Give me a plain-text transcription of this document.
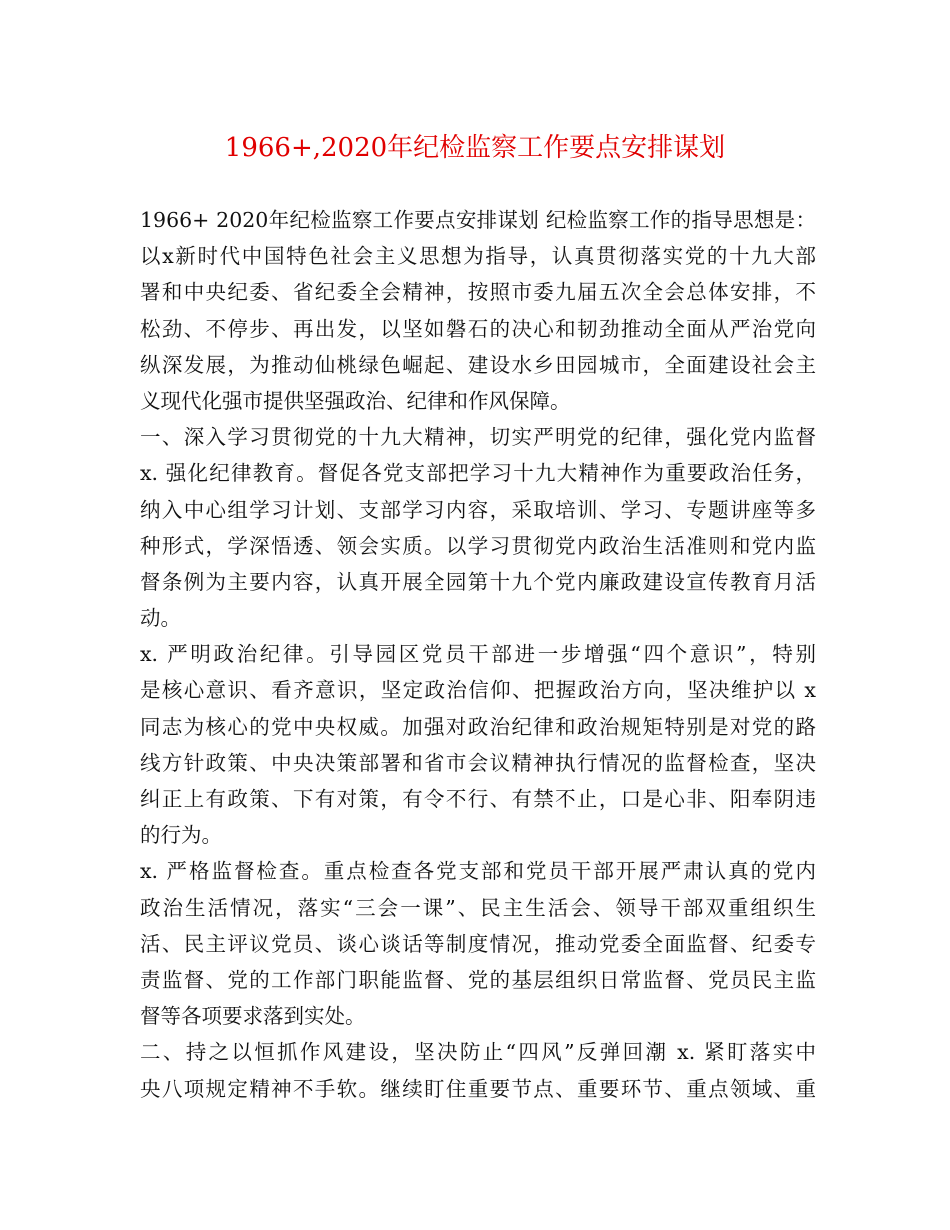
1966+,2020年纪检监察工作要点安排谋划
1966+ 2020年纪检监察工作要点安排谋划 纪检监察工作的指导思想是：
以x新时代中国特色社会主义思想为指导，认真贯彻落实党的十九大部
署和中央纪委、省纪委全会精神，按照市委九届五次全会总体安排，不
松劲、不停步、再出发，以坚如磐石的决心和韧劲推动全面从严治党向
纵深发展，为推动仙桃绿色崛起、建设水乡田园城市，全面建设社会主
义现代化强市提供坚强政治、纪律和作风保障。
一、深入学习贯彻党的十九大精神，切实严明党的纪律，强化党内监督
x. 强化纪律教育。督促各党支部把学习十九大精神作为重要政治任务，
纳入中心组学习计划、支部学习内容，采取培训、学习、专题讲座等多
种形式，学深悟透、领会实质。以学习贯彻党内政治生活准则和党内监
督条例为主要内容，认真开展全园第十九个党内廉政建设宣传教育月活
动。
x. 严明政治纪律。引导园区党员干部进一步增强“四个意识”，特别
是核心意识、看齐意识，坚定政治信仰、把握政治方向，坚决维护以 x
同志为核心的党中央权威。加强对政治纪律和政治规矩特别是对党的路
线方针政策、中央决策部署和省市会议精神执行情况的监督检查，坚决
纠正上有政策、下有对策，有令不行、有禁不止，口是心非、阳奉阴违
的行为。
x. 严格监督检查。重点检查各党支部和党员干部开展严肃认真的党内
政治生活情况，落实“三会一课”、民主生活会、领导干部双重组织生
活、民主评议党员、谈心谈话等制度情况，推动党委全面监督、纪委专
责监督、党的工作部门职能监督、党的基层组织日常监督、党员民主监
督等各项要求落到实处。
二、持之以恒抓作风建设，坚决防止“四风”反弹回潮 x. 紧盯落实中
央八项规定精神不手软。继续盯住重要节点、重要环节、重点领域、重
